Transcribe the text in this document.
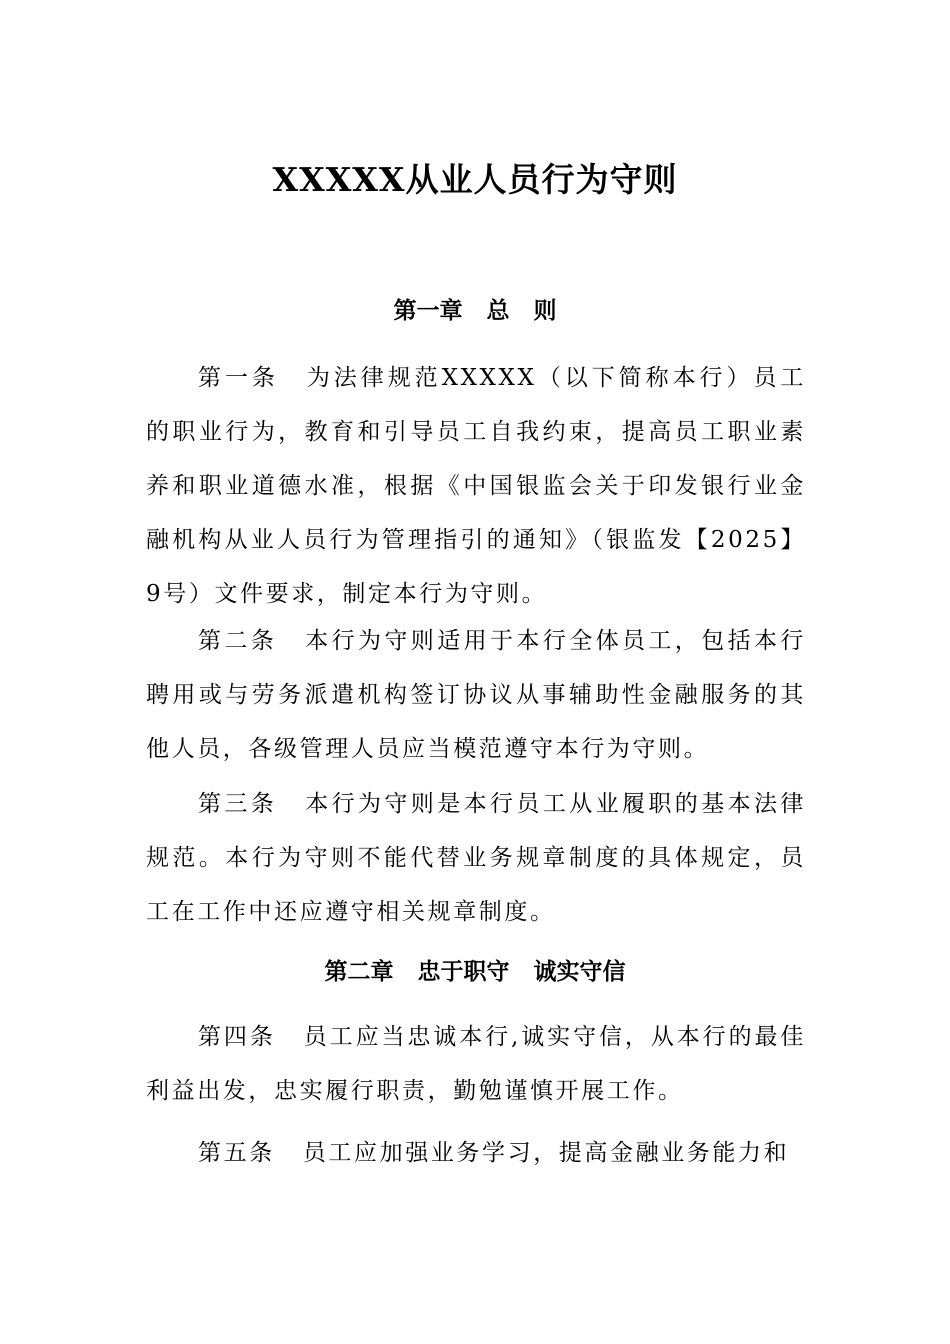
XXXXX从业人员行为守则
第一章   总   则
第一条 为法律规范XXXXX（以下简称本行）员工的职业行为，教育和引导员工自我约束，提高员工职业素养和职业道德水准，根据《中国银监会关于印发银行业金融机构从业人员行为管理指引的通知》（银监发【2025】9号）文件要求，制定本行为守则。
第二条 本行为守则适用于本行全体员工，包括本行聘用或与劳务派遣机构签订协议从事辅助性金融服务的其他人员，各级管理人员应当模范遵守本行为守则。
第三条 本行为守则是本行员工从业履职的基本法律规范。本行为守则不能代替业务规章制度的具体规定，员工在工作中还应遵守相关规章制度。
第二章   忠于职守   诚实守信
第四条 员工应当忠诚本行,诚实守信，从本行的最佳利益出发，忠实履行职责，勤勉谨慎开展工作。
第五条 员工应加强业务学习，提高金融业务能力和
